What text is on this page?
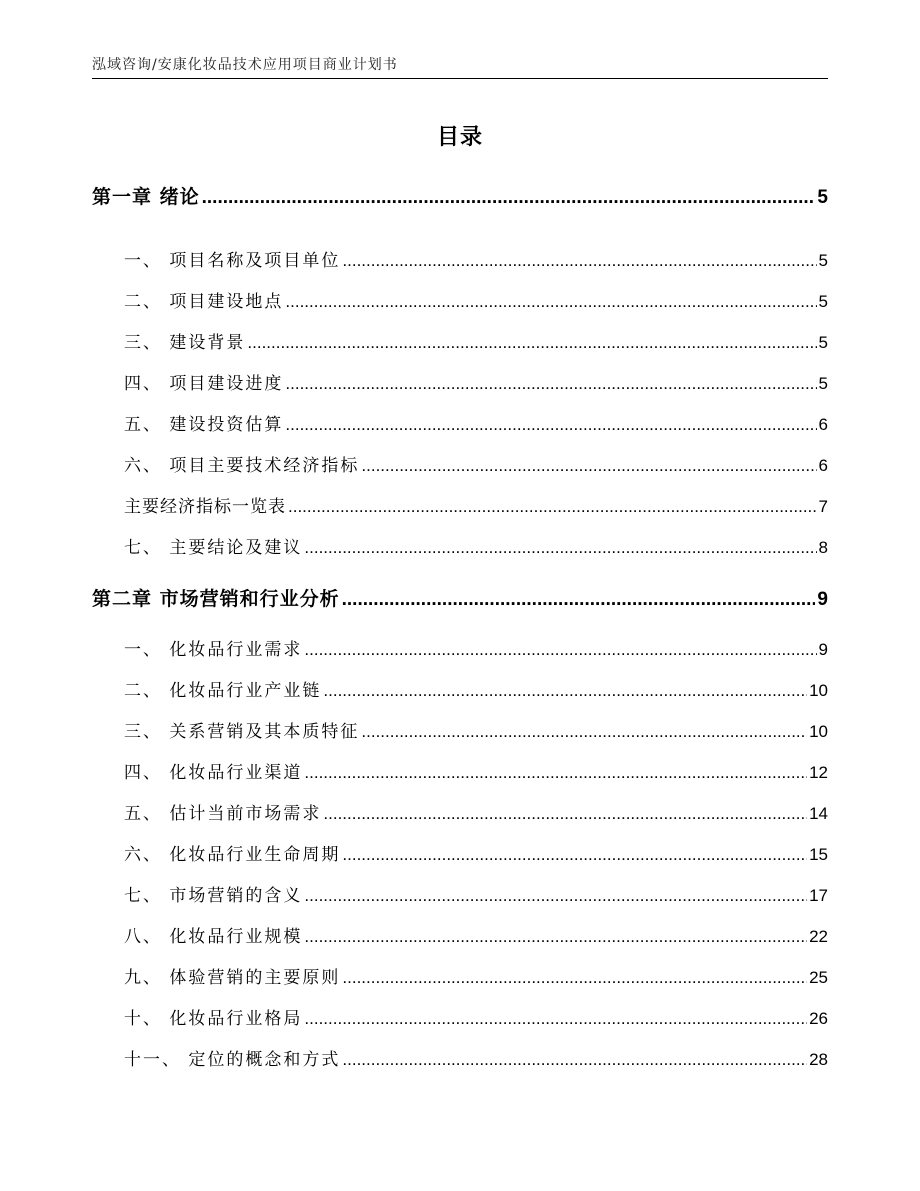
泓域咨询/安康化妆品技术应用项目商业计划书
目录
第一章 绪论 .....	5
一、 项目名称及项目单位 .....	5
二、 项目建设地点 .....	5
三、 建设背景 .....	5
四、 项目建设进度 .....	5
五、 建设投资估算 .....	6
六、 项目主要技术经济指标 .....	6
主要经济指标一览表 .....	7
七、 主要结论及建议 .....	8
第二章 市场营销和行业分析 .....	9
一、 化妆品行业需求 .....	9
二、 化妆品行业产业链 .....	10
三、 关系营销及其本质特征 .....	10
四、 化妆品行业渠道 .....	12
五、 估计当前市场需求 .....	14
六、 化妆品行业生命周期 .....	15
七、 市场营销的含义 .....	17
八、 化妆品行业规模 .....	22
九、 体验营销的主要原则 .....	25
十、 化妆品行业格局 .....	26
十一、 定位的概念和方式 .....	28
